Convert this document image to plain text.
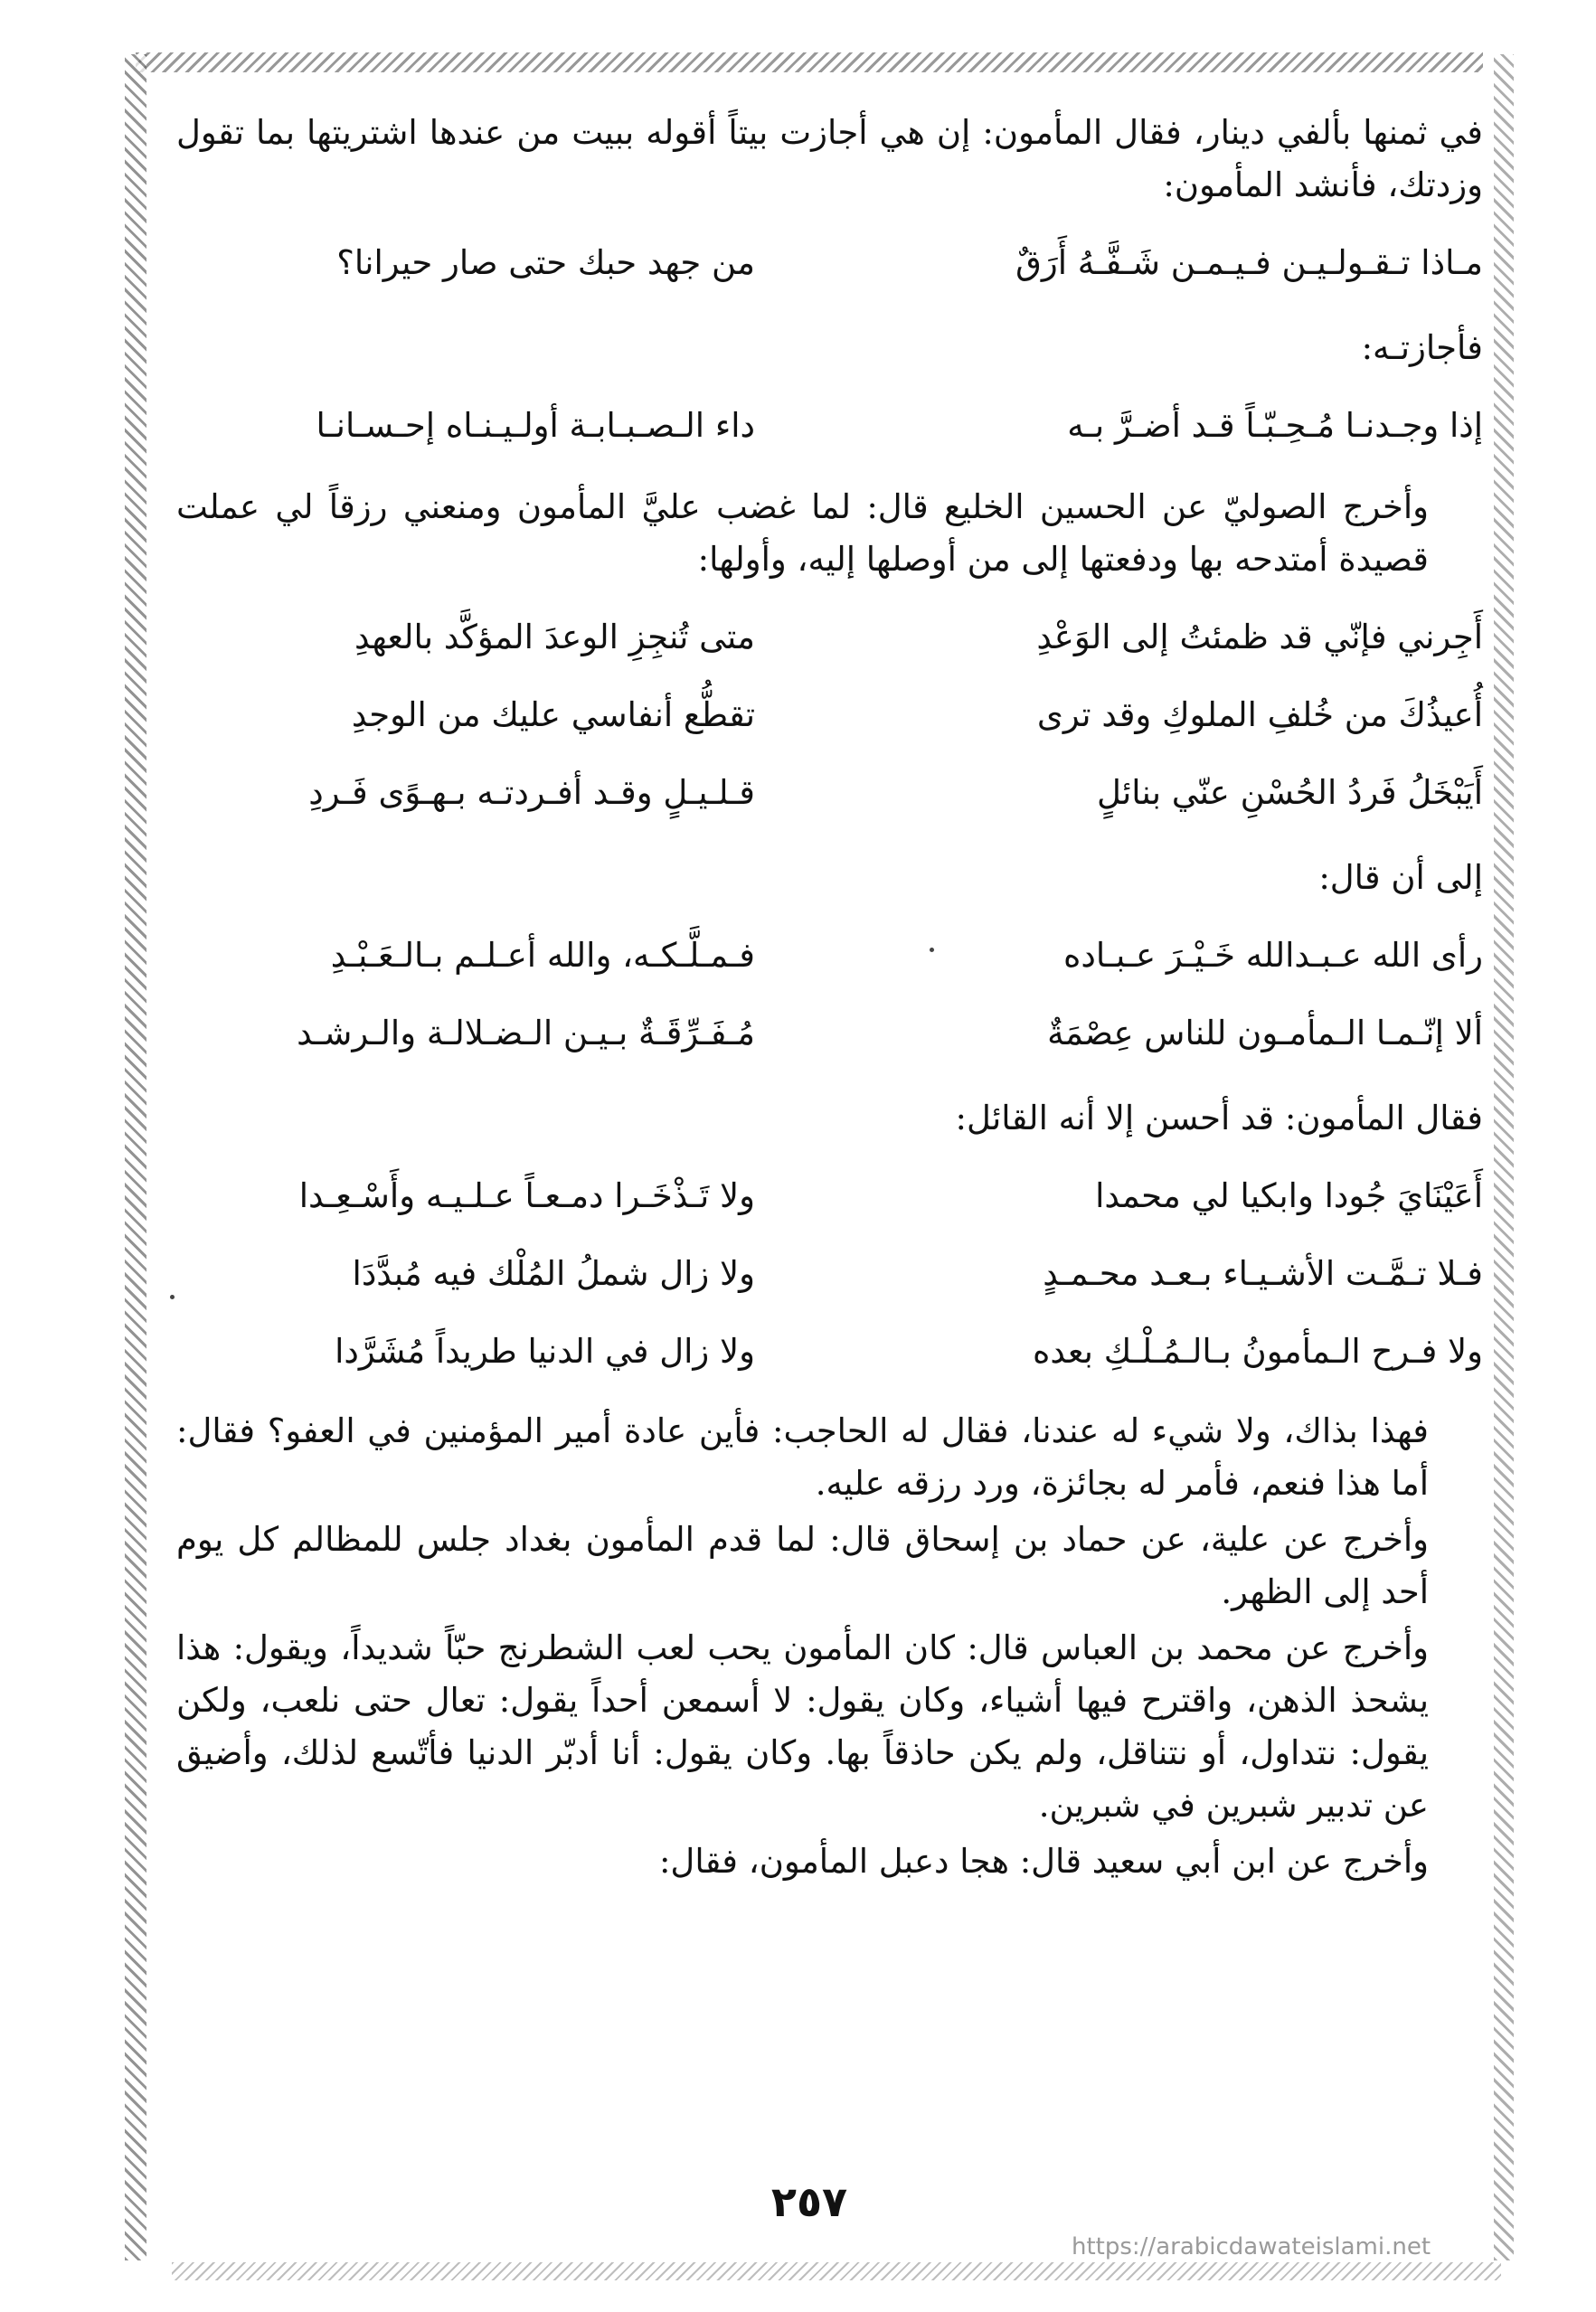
في ثمنها بألفي دينار، فقال المأمون: إن هي أجازت بيتاً أقوله ببيت من عندها اشتريتها بما تقول وزدتك، فأنشد المأمون:

مـاذا تـقـولـيـن فـيـمـن شَـفَّـهُ أَرَقٌ
من جهد حبك حتى صار حيرانا؟
فأجازتـه:
إذا وجـدنـا مُـحِـبّـاً قـد أضـرَّ بـه
داء الـصـبـابـة أولـيـنـاه إحـسـانـا

وأخرج الصوليّ عن الحسين الخليع قال: لما غضب عليَّ المأمون ومنعني رزقاً لي عملت قصيدة أمتدحه بها ودفعتها إلى من أوصلها إليه، وأولها:

أَجِرني فإنّي قد ظمئتُ إلى الوَعْدِ
متى تُنجِزِ الوعدَ المؤكَّد بالعهدِ
أُعيذُكَ من خُلفِ الملوكِ وقد ترى
تقطُّع أنفاسي عليك من الوجدِ
أَيَبْخَلُ فَردُ الحُسْنِ عنّي بنائلٍ
قـلـيـلٍ وقـد أفـردتـه بـهـوًى فَـردِ
إلى أن قال:
رأى الله عـبـدالله خَـيْـرَ عـبـاده
فـمـلَّـكـه، والله أعـلـم بـالـعَـبْـدِ
ألا إنّـمـا الـمأمـون للناس عِصْمَةٌ
مُـفَـرِّقَـةٌ بـيـن الـضـلالـة والـرشـد
فقال المأمون: قد أحسن إلا أنه القائل:
أَعَيْنَايَ جُودا وابكيا لي محمدا
ولا تَـذْخَـرا دمـعـاً عـلـيـه وأَسْـعِـدا
فـلا تـمَّـت الأشـيـاء بـعـد محـمـدٍ
ولا زال شملُ المُلْك فيه مُبدَّدَا
ولا فـرح الـمأمونُ بـالـمُـلْـكِ بعده
ولا زال في الدنيا طريداً مُشَرَّدا

فهذا بذاك، ولا شيء له عندنا، فقال له الحاجب: فأين عادة أمير المؤمنين في العفو؟ فقال: أما هذا فنعم، فأمر له بجائزة، ورد رزقه عليه.

وأخرج عن علية، عن حماد بن إسحاق قال: لما قدم المأمون بغداد جلس للمظالم كل يوم أحد إلى الظهر.

وأخرج عن محمد بن العباس قال: كان المأمون يحب لعب الشطرنج حبّاً شديداً، ويقول: هذا يشحذ الذهن، واقترح فيها أشياء، وكان يقول: لا أسمعن أحداً يقول: تعال حتى نلعب، ولكن يقول: نتداول، أو نتناقل، ولم يكن حاذقاً بها. وكان يقول: أنا أدبّر الدنيا فأتّسع لذلك، وأضيق عن تدبير شبرين في شبرين.

وأخرج عن ابن أبي سعيد قال: هجا دعبل المأمون، فقال:

٢٥٧
https://arabicdawateislami.net
